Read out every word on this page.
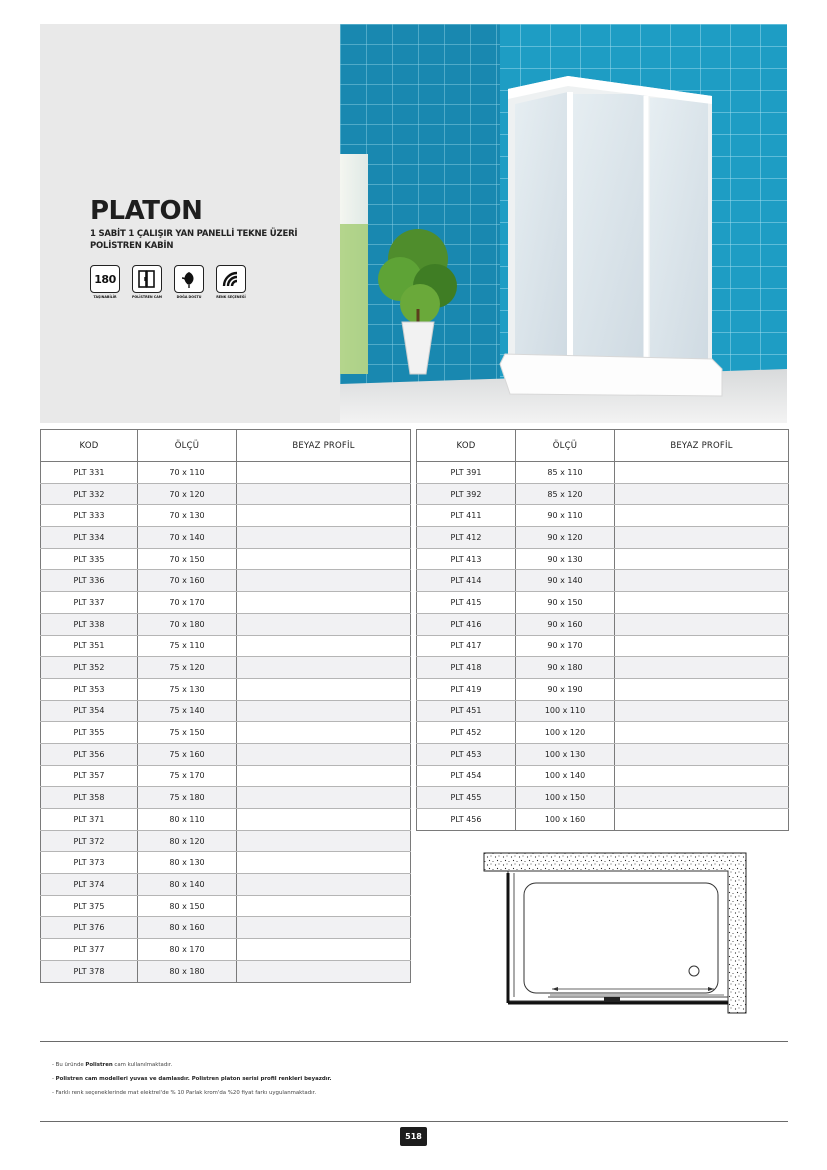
PLATON
1 SABİT 1 ÇALIŞIR YAN PANELLİ TEKNE ÜZERİ
POLİSTREN KABİN
180
TAŞINABİLİR	POLİSTREN CAM	DOĞA DOSTU	RENK SEÇENEĞİ
KOD	ÖLÇÜ	BEYAZ PROFİL
PLT 331	70 x 110	
PLT 332	70 x 120	
PLT 333	70 x 130	
PLT 334	70 x 140	
PLT 335	70 x 150	
PLT 336	70 x 160	
PLT 337	70 x 170	
PLT 338	70 x 180	
PLT 351	75 x 110	
PLT 352	75 x 120	
PLT 353	75 x 130	
PLT 354	75 x 140	
PLT 355	75 x 150	
PLT 356	75 x 160	
PLT 357	75 x 170	
PLT 358	75 x 180	
PLT 371	80 x 110	
PLT 372	80 x 120	
PLT 373	80 x 130	
PLT 374	80 x 140	
PLT 375	80 x 150	
PLT 376	80 x 160	
PLT 377	80 x 170	
PLT 378	80 x 180	
KOD	ÖLÇÜ	BEYAZ PROFİL
PLT 391	85 x 110	
PLT 392	85 x 120	
PLT 411	90 x 110	
PLT 412	90 x 120	
PLT 413	90 x 130	
PLT 414	90 x 140	
PLT 415	90 x 150	
PLT 416	90 x 160	
PLT 417	90 x 170	
PLT 418	90 x 180	
PLT 419	90 x 190	
PLT 451	100 x 110	
PLT 452	100 x 120	
PLT 453	100 x 130	
PLT 454	100 x 140	
PLT 455	100 x 150	
PLT 456	100 x 160	
- Bu üründe Polistren cam kullanılmaktadır.
- Polistren cam modelleri yuvas ve damlasdır. Polistren platon serisi profil renkleri beyazdır.
- Farklı renk seçeneklerinde mat elektrel'de % 10 Parlak krom'da %20 fiyat farkı uygulanmaktadır.
518
